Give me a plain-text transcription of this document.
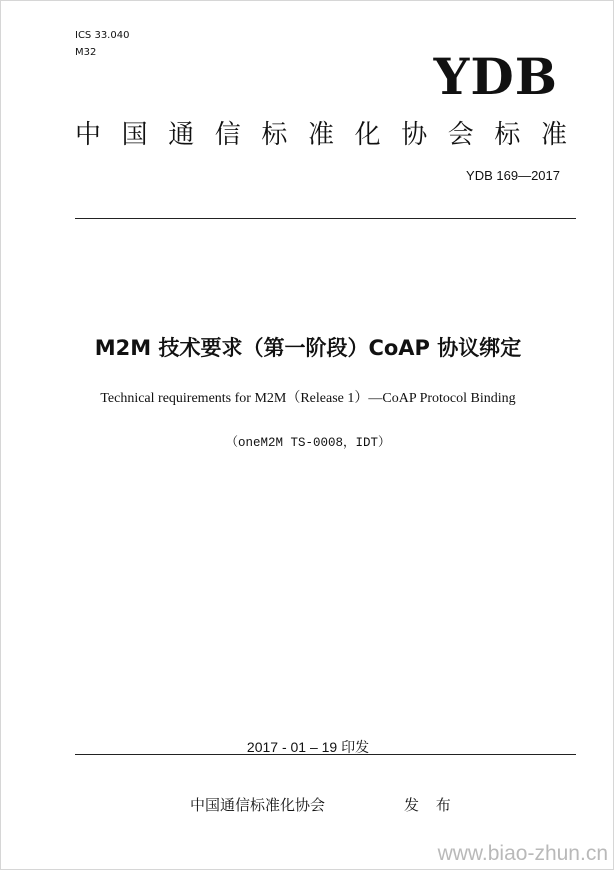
ICS 33.040
M32	YDB
中国通信标准化协会标准
YDB 169—2017
M2M 技术要求（第一阶段）CoAP 协议绑定
Technical requirements for M2M（Release 1）—CoAP Protocol Binding
（oneM2M TS-0008，IDT）
2017 - 01 – 19 印发
中国通信标准化协会	发 布
www.biao-zhun.cn
